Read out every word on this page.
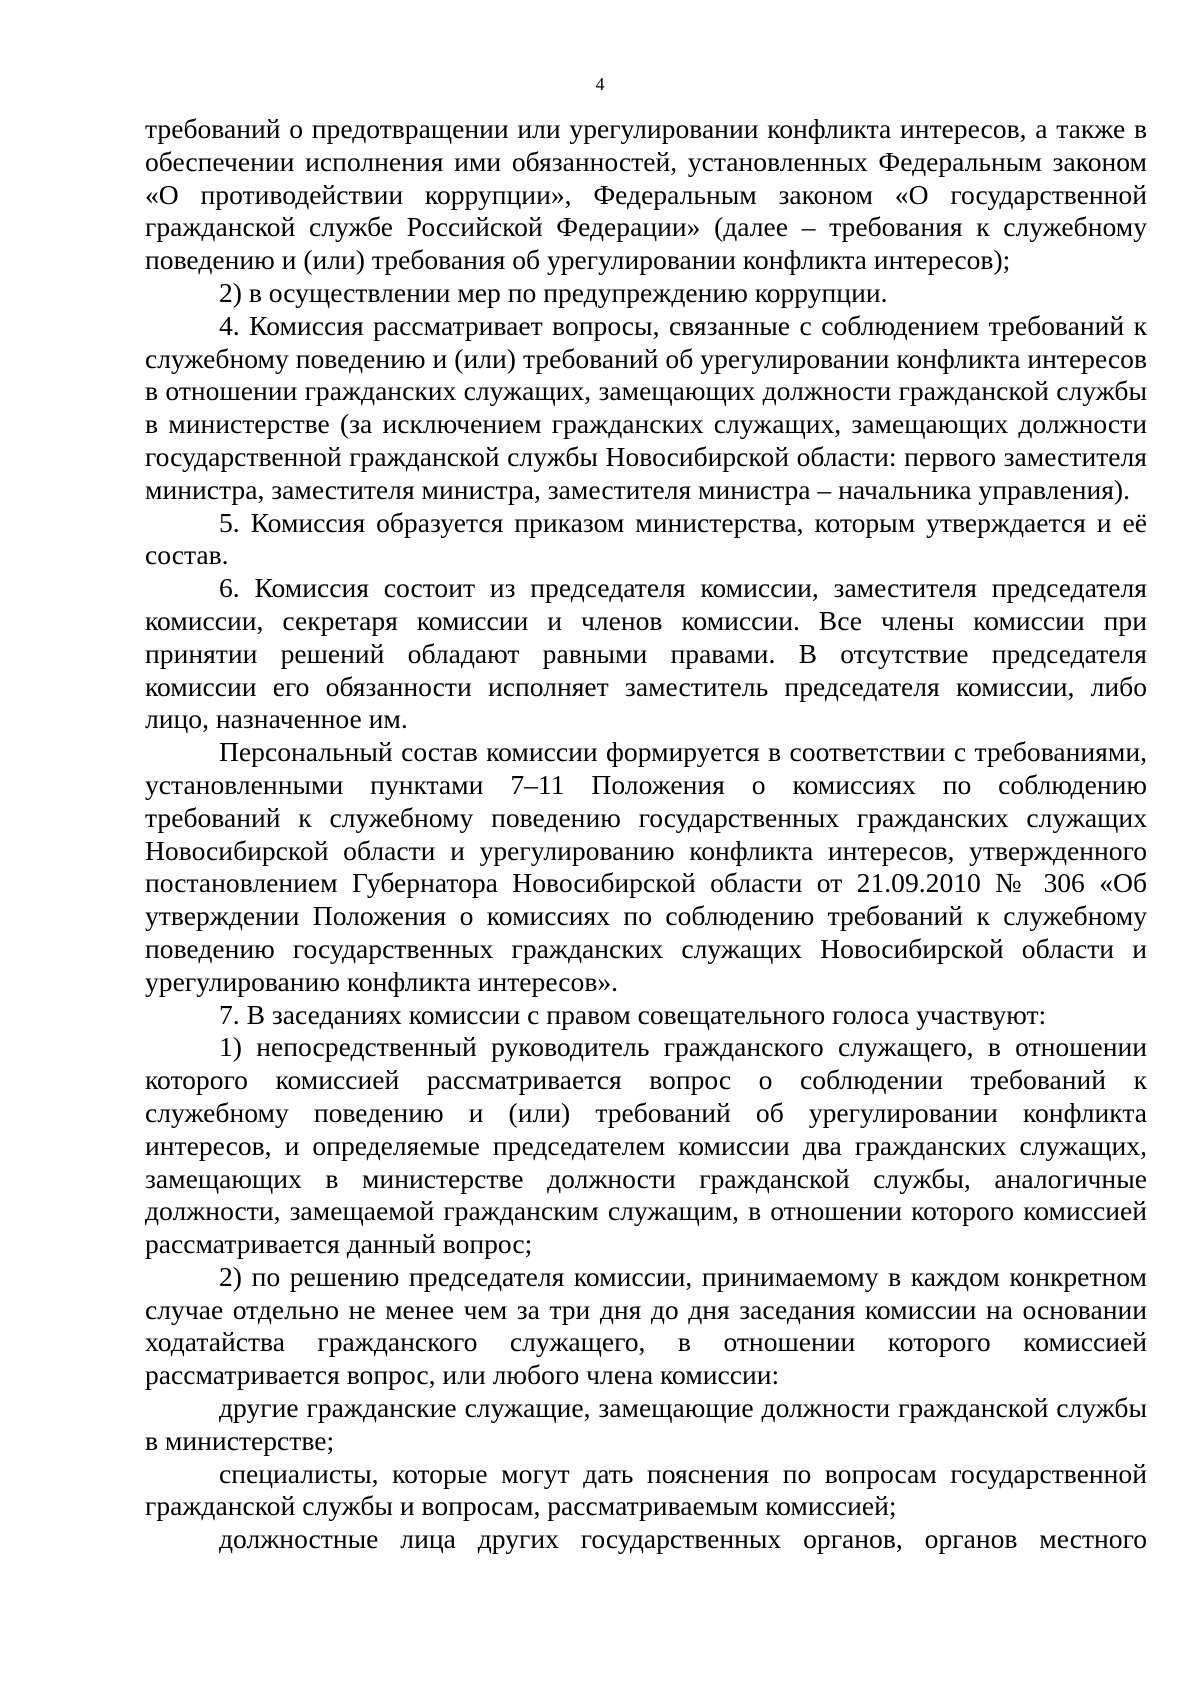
4

требований о предотвращении или урегулировании конфликта интересов, а также в обеспечении исполнения ими обязанностей, установленных Федеральным законом «О противодействии коррупции», Федеральным законом «О государственной гражданской службе Российской Федерации» (далее – требования к служебному поведению и (или) требования об урегулировании конфликта интересов);

2) в осуществлении мер по предупреждению коррупции.

4. Комиссия рассматривает вопросы, связанные с соблюдением требований к служебному поведению и (или) требований об урегулировании конфликта интересов в отношении гражданских служащих, замещающих должности гражданской службы в министерстве (за исключением гражданских служащих, замещающих должности государственной гражданской службы Новосибирской области: первого заместителя министра, заместителя министра, заместителя министра – начальника управления).

5. Комиссия образуется приказом министерства, которым утверждается и её состав.

6. Комиссия состоит из председателя комиссии, заместителя председателя комиссии, секретаря комиссии и членов комиссии. Все члены комиссии при принятии решений обладают равными правами. В отсутствие председателя комиссии его обязанности исполняет заместитель председателя комиссии, либо лицо, назначенное им.

Персональный состав комиссии формируется в соответствии с требованиями, установленными пунктами 7–11 Положения о комиссиях по соблюдению требований к служебному поведению государственных гражданских служащих Новосибирской области и урегулированию конфликта интересов, утвержденного постановлением Губернатора Новосибирской области от 21.09.2010 № 306 «Об утверждении Положения о комиссиях по соблюдению требований к служебному поведению государственных гражданских служащих Новосибирской области и урегулированию конфликта интересов».

7. В заседаниях комиссии с правом совещательного голоса участвуют:

1) непосредственный руководитель гражданского служащего, в отношении которого комиссией рассматривается вопрос о соблюдении требований к служебному поведению и (или) требований об урегулировании конфликта интересов, и определяемые председателем комиссии два гражданских служащих, замещающих в министерстве должности гражданской службы, аналогичные должности, замещаемой гражданским служащим, в отношении которого комиссией рассматривается данный вопрос;

2) по решению председателя комиссии, принимаемому в каждом конкретном случае отдельно не менее чем за три дня до дня заседания комиссии на основании ходатайства гражданского служащего, в отношении которого комиссией рассматривается вопрос, или любого члена комиссии:

другие гражданские служащие, замещающие должности гражданской службы в министерстве;

специалисты, которые могут дать пояснения по вопросам государственной гражданской службы и вопросам, рассматриваемым комиссией;

должностные лица других государственных органов, органов местного
